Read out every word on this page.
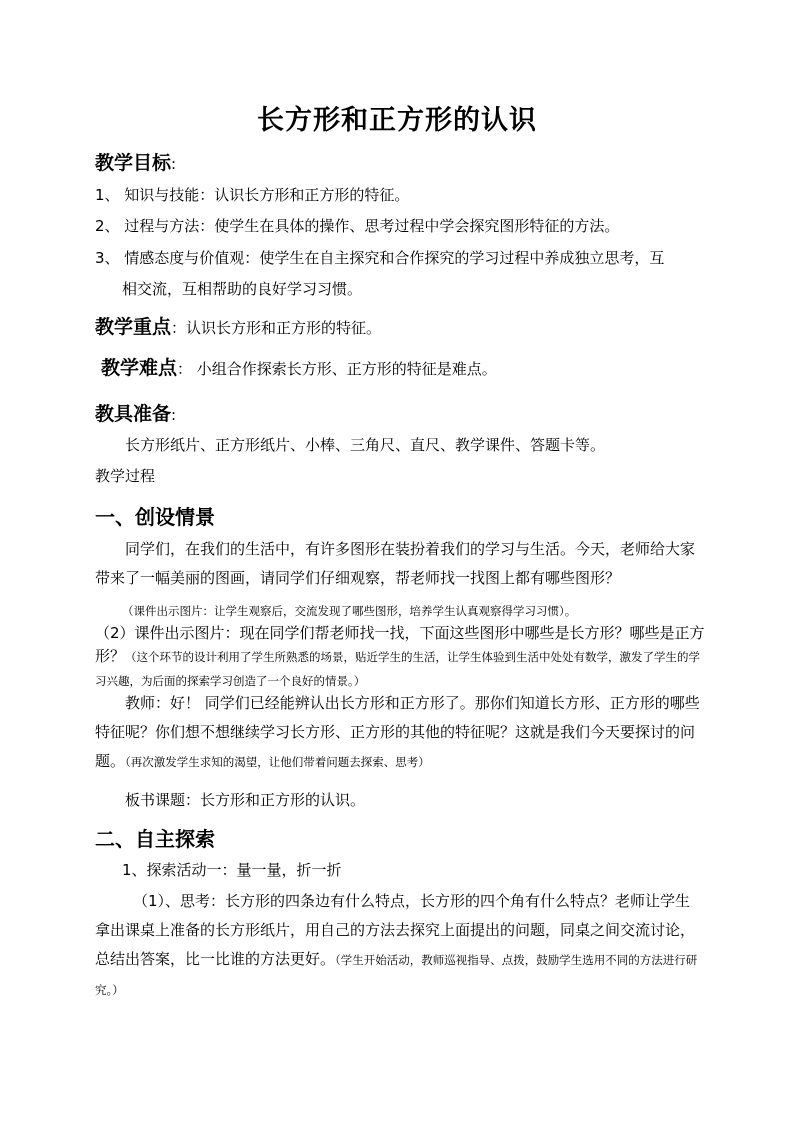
长方形和正方形的认识
教学目标:
1、 知识与技能：认识长方形和正方形的特征。
2、 过程与方法：使学生在具体的操作、思考过程中学会探究图形特征的方法。
3、 情感态度与价值观：使学生在自主探究和合作探究的学习过程中养成独立思考，互
相交流，互相帮助的良好学习习惯。
教学重点：认识长方形和正方形的特征。
教学难点： 小组合作探索长方形、正方形的特征是难点。
教具准备:
长方形纸片、正方形纸片、小棒、三角尺、直尺、教学课件、答题卡等。
教学过程
一、创设情景
同学们，在我们的生活中，有许多图形在装扮着我们的学习与生活。今天，老师给大家带来了一幅美丽的图画，请同学们仔细观察，帮老师找一找图上都有哪些图形？
（课件出示图片：让学生观察后，交流发现了哪些图形，培养学生认真观察得学习习惯）。
（2）课件出示图片：现在同学们帮老师找一找，下面这些图形中哪些是长方形？哪些是正方形？（这个环节的设计利用了学生所熟悉的场景，贴近学生的生活，让学生体验到生活中处处有数学，激发了学生的学习兴趣，为后面的探索学习创造了一个良好的情景。）
教师：好！ 同学们已经能辨认出长方形和正方形了。那你们知道长方形、正方形的哪些特征呢？你们想不想继续学习长方形、正方形的其他的特征呢？这就是我们今天要探讨的问题。（再次激发学生求知的渴望，让他们带着问题去探索、思考）
板书课题：长方形和正方形的认识。
二、自主探索
1、探索活动一：量一量，折一折
（1）、思考：长方形的四条边有什么特点，长方形的四个角有什么特点？老师让学生拿出课桌上准备的长方形纸片，用自己的方法去探究上面提出的问题，同桌之间交流讨论，总结出答案，比一比谁的方法更好。（学生开始活动，教师巡视指导、点拨，鼓励学生选用不同的方法进行研究。）
